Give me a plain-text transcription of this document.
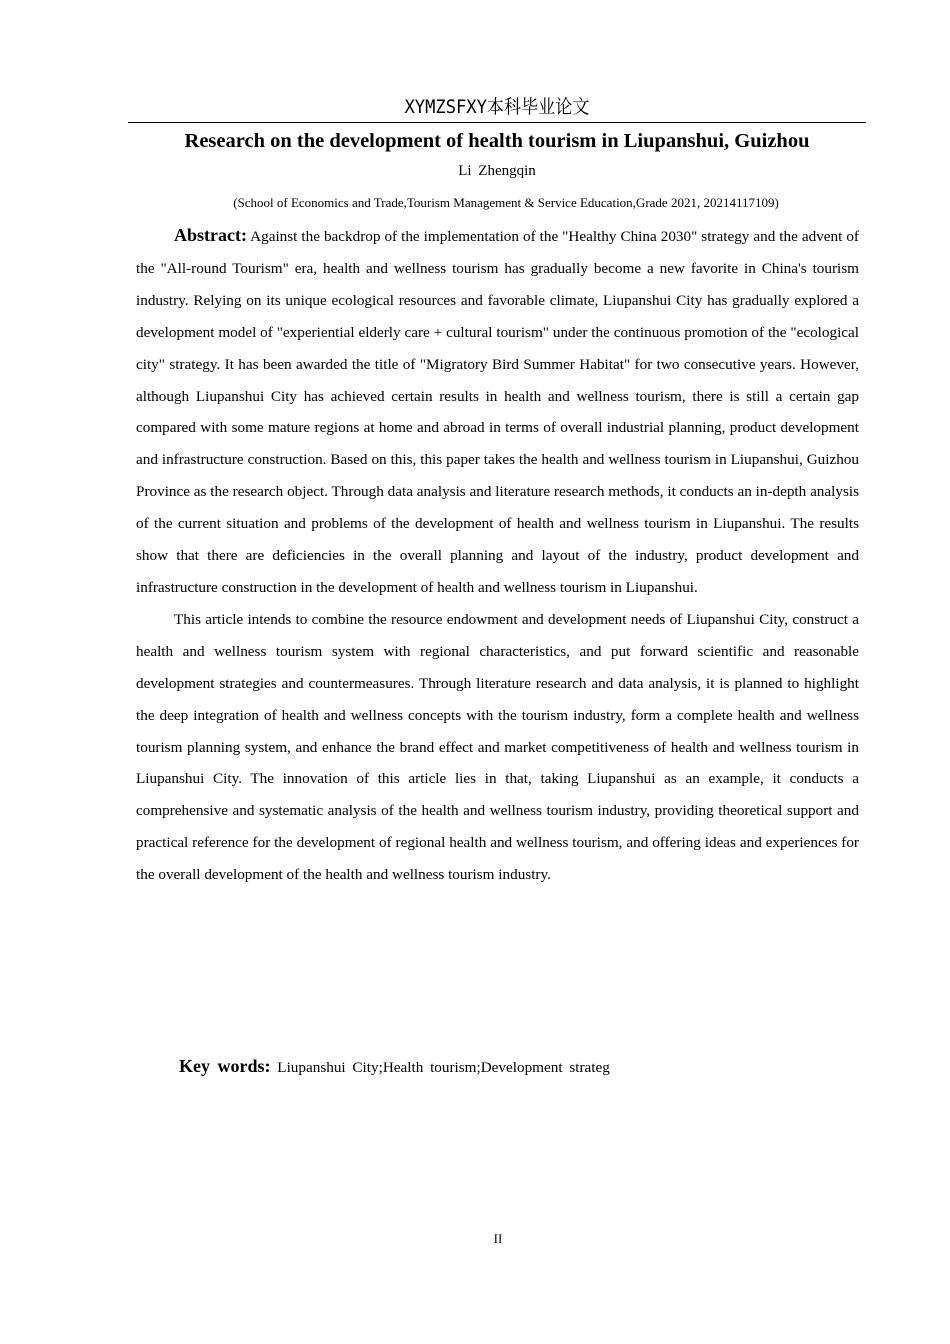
XYMZSFXY本科毕业论文
Research on the development of health tourism in Liupanshui, Guizhou
Li Zhengqin
(School of Economics and Trade,Tourism Management & Service Education,Grade 2021, 20214117109)

Abstract: Against the backdrop of the implementation of the "Healthy China 2030" strategy and the advent of the "All-round Tourism" era, health and wellness tourism has gradually become a new favorite in China's tourism industry. Relying on its unique ecological resources and favorable climate, Liupanshui City has gradually explored a development model of "experiential elderly care + cultural tourism" under the continuous promotion of the "ecological city" strategy. It has been awarded the title of "Migratory Bird Summer Habitat" for two consecutive years. However, although Liupanshui City has achieved certain results in health and wellness tourism, there is still a certain gap compared with some mature regions at home and abroad in terms of overall industrial planning, product development and infrastructure construction. Based on this, this paper takes the health and wellness tourism in Liupanshui, Guizhou Province as the research object. Through data analysis and literature research methods, it conducts an in-depth analysis of the current situation and problems of the development of health and wellness tourism in Liupanshui. The results show that there are deficiencies in the overall planning and layout of the industry, product development and infrastructure construction in the development of health and wellness tourism in Liupanshui.

This article intends to combine the resource endowment and development needs of Liupanshui City, construct a health and wellness tourism system with regional characteristics, and put forward scientific and reasonable development strategies and countermeasures. Through literature research and data analysis, it is planned to highlight the deep integration of health and wellness concepts with the tourism industry, form a complete health and wellness tourism planning system, and enhance the brand effect and market competitiveness of health and wellness tourism in Liupanshui City. The innovation of this article lies in that, taking Liupanshui as an example, it conducts a comprehensive and systematic analysis of the health and wellness tourism industry, providing theoretical support and practical reference for the development of regional health and wellness tourism, and offering ideas and experiences for the overall development of the health and wellness tourism industry.

Key words: Liupanshui City;Health tourism;Development strateg
II
